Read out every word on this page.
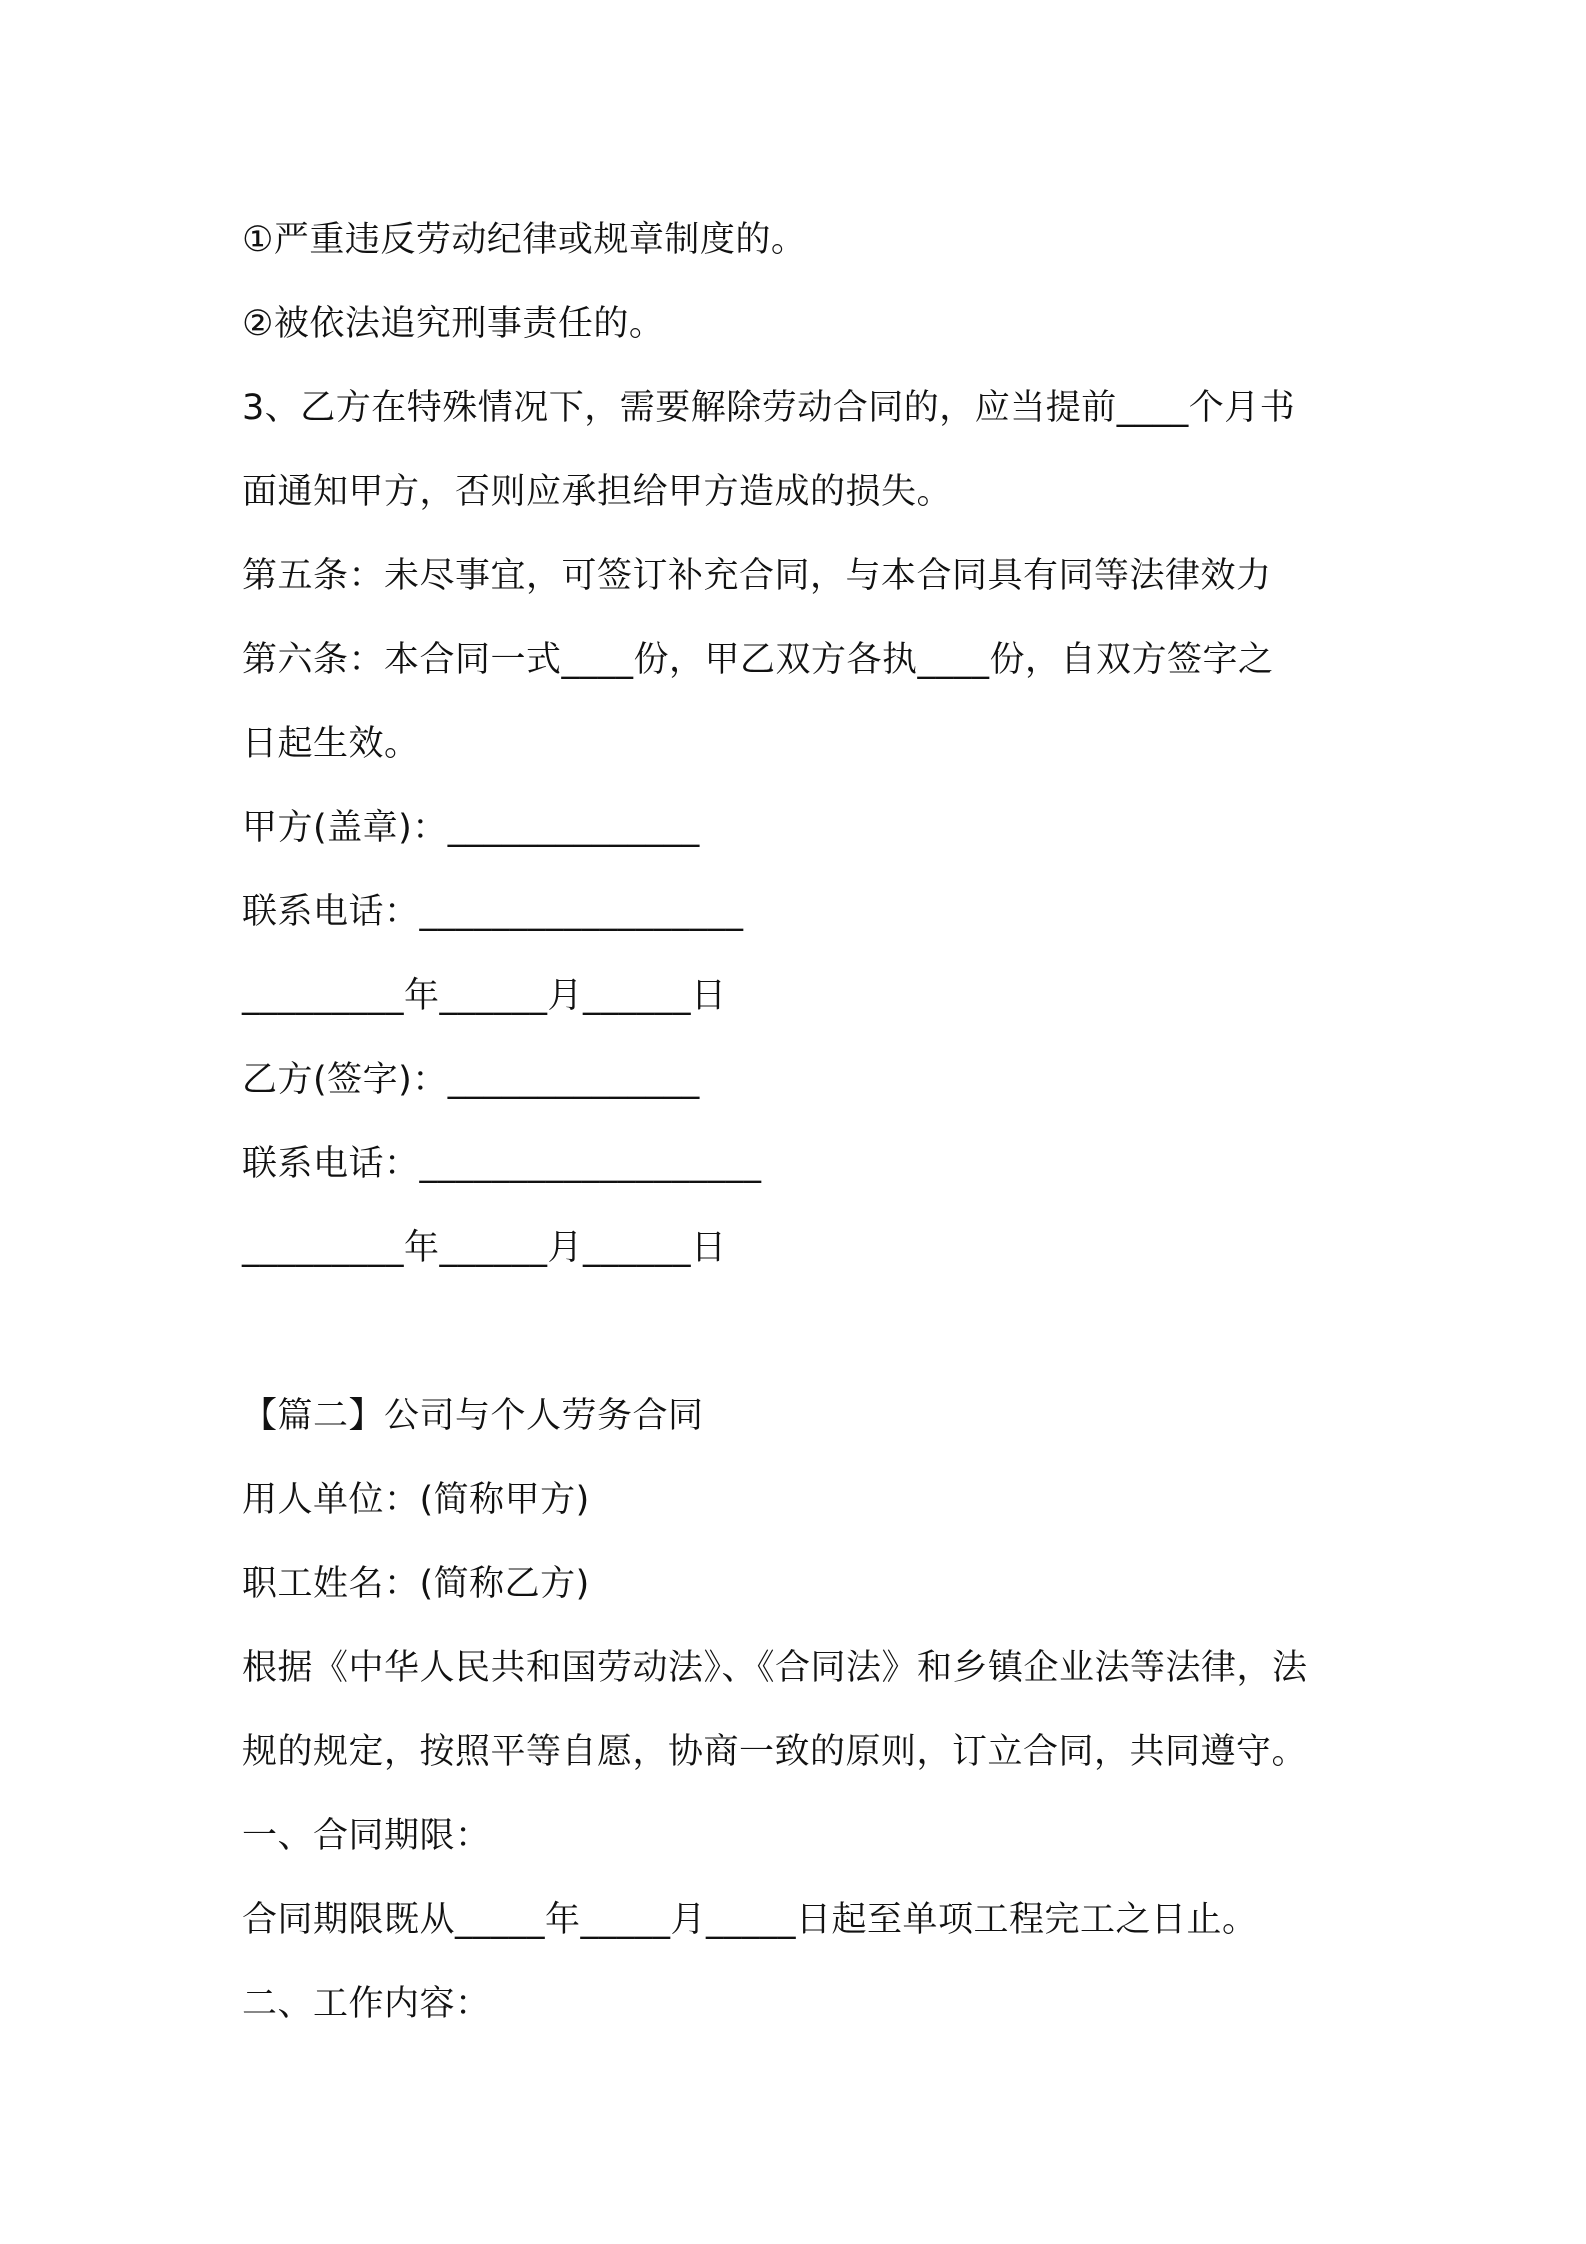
①严重违反劳动纪律或规章制度的。
②被依法追究刑事责任的。
3、乙方在特殊情况下，需要解除劳动合同的，应当提前____个月书
面通知甲方，否则应承担给甲方造成的损失。
第五条：未尽事宜，可签订补充合同，与本合同具有同等法律效力
第六条：本合同一式____份，甲乙双方各执____份，自双方签字之
日起生效。
甲方(盖章)：______________
联系电话：__________________
_________年______月______日
乙方(签字)：______________
联系电话：___________________
_________年______月______日
【篇二】公司与个人劳务合同
用人单位：(简称甲方)
职工姓名：(简称乙方)
根据《中华人民共和国劳动法》、《合同法》和乡镇企业法等法律，法
规的规定，按照平等自愿，协商一致的原则，订立合同，共同遵守。
一、合同期限：
合同期限既从_____年_____月_____日起至单项工程完工之日止。
二、工作内容：
